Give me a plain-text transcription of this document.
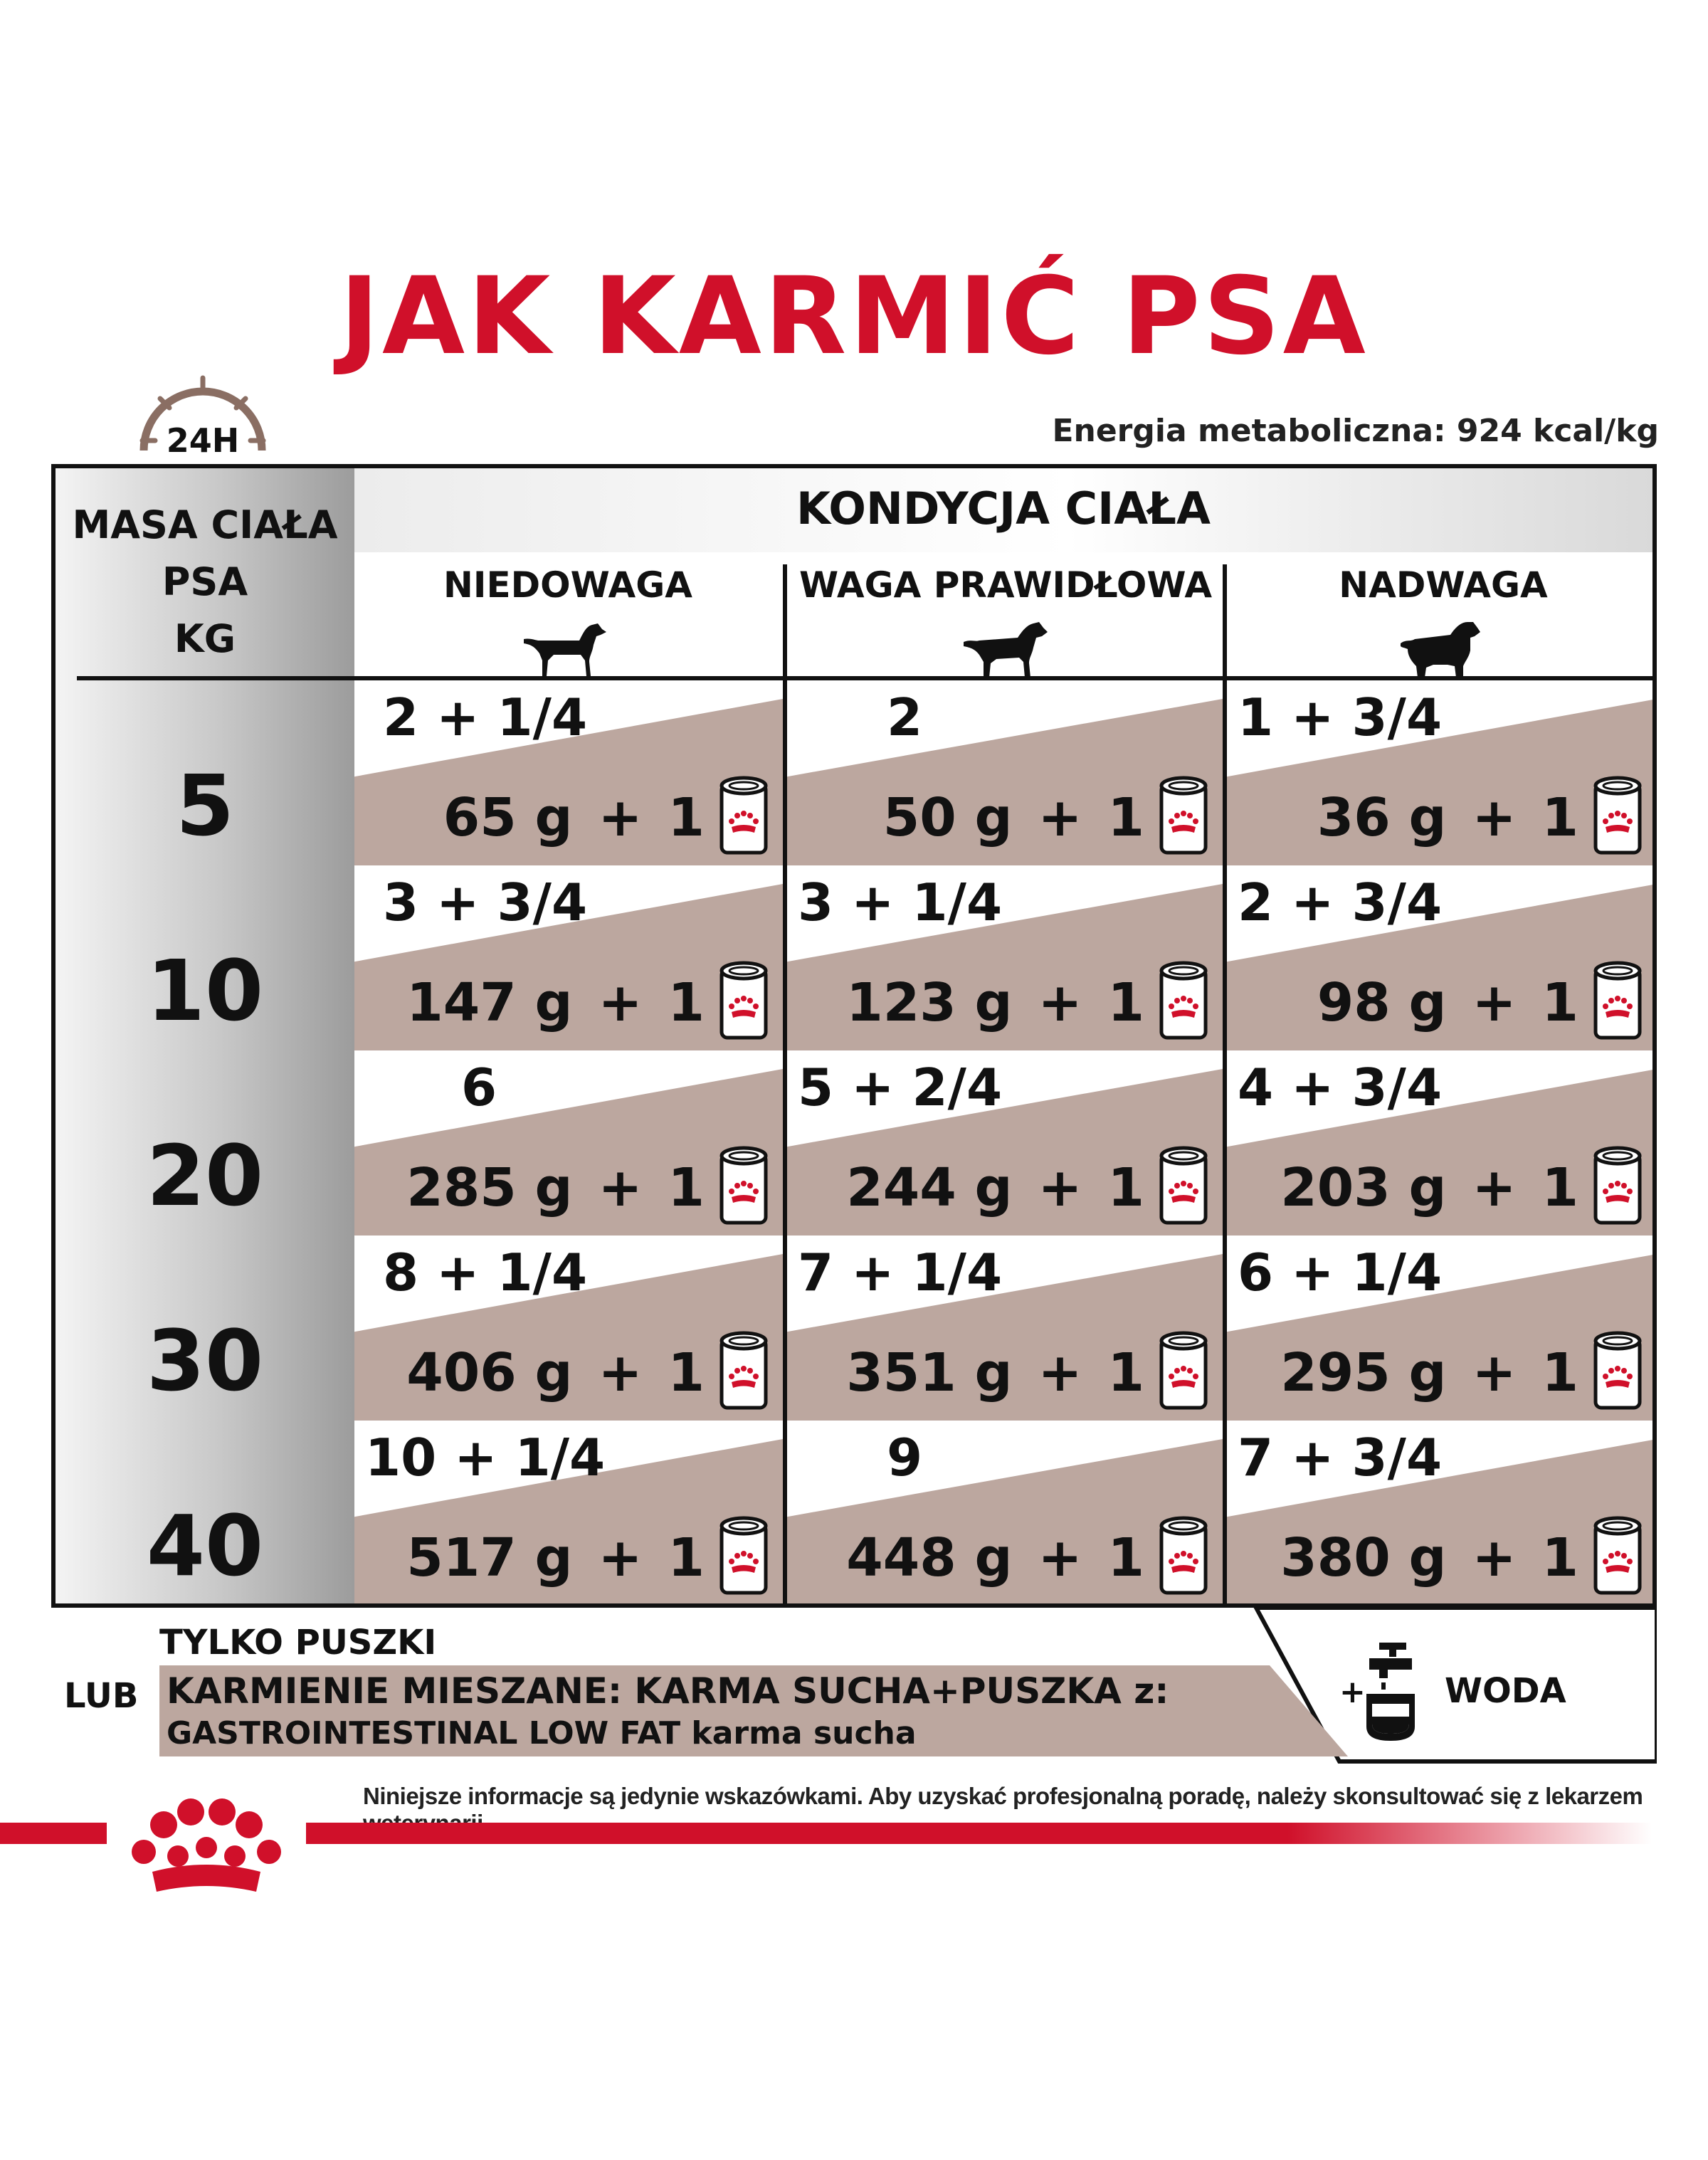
JAK KARMIĆ PSA
Energia metaboliczna: 924 kcal/kg
24H
MASA CIAŁA
PSA
KG
KONDYCJA CIAŁA
NIEDOWAGA	WAGA PRAWIDŁOWA	NADWAGA
5
10
20
30
40
2 + 1/4
65 g + 1
2
50 g + 1
1 + 3/4
36 g + 1
3 + 3/4
147 g + 1
3 + 1/4
123 g + 1
2 + 3/4
98 g + 1
6
285 g + 1
5 + 2/4
244 g + 1
4 + 3/4
203 g + 1
8 + 1/4
406 g + 1
7 + 1/4
351 g + 1
6 + 1/4
295 g + 1
10 + 1/4
517 g + 1
9
448 g + 1
7 + 3/4
380 g + 1
TYLKO PUSZKI
LUB KARMIENIE MIESZANE: KARMA SUCHA+PUSZKA z:
GASTROINTESTINAL LOW FAT karma sucha
+ WODA
Niniejsze informacje są jedynie wskazówkami. Aby uzyskać profesjonalną poradę, należy skonsultować się z lekarzem
